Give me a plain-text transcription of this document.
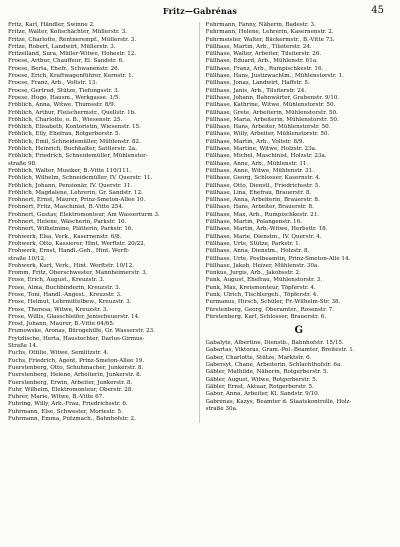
Fritz—Gabrénas	45
Fritz, Karl, Händler, Swinne 2.
Fritze, Walter, Kofischächter, Müllerstr. 3.
Fritze, Charlotte, Rentnerempf., Müllerstr. 3.
Fritze, Robert, Landwirt, Müllerstr. 3.
Fritzelland, Sura, Müller-Witwe, Hohestr. 12.
Froese, Arthur, Chauffeur, El. Sandstr. 6.
Froese, Berta, Ehefr., Schwanenstr. 26.
Froese, Erich, Kraftwagenführer, Kernstr. 1.
Froese, Franz, Arb., Voltstr. 13.
Froese, Gertrud, Stütze, Tiefungsstr. 3.
Froese, Hugo, Hausm., Werkgasse. 1/5.
Fröhlich, Anna, Witwe, Thumsstr. 8/9.
Fröhlich, Arthur, Fleischermstr., Quellstr. 1b.
Fröhlich, Charlotte, o. B., Wiesenstr. 25.
Fröhlich, Elisabeth, Kontoristin, Wiesenstr. 15.
Fröhlich, Elly, Ehefrau, Rotgerberstr. 5.
Fröhlich, Emil, Schneidemüller, Mühlenstr. 82.
Fröhlich, Heinrich, Buchhalter, Sattlerstr. 2a.
Fröhlich, Friedrich, Schneidemüller, Mühlenstor-
straße 98.
Fröhlich, Walter, Musiker, B.-Vitte 110/111.
Fröhlich, Wilhelm, Schneidemüller, IV. Querstr. 11.
Fröhlich, Johann, Pensionär, IV. Querstr. 11.
Fröhlich, Magdalene, Lehrerin, Gr. Sandstr. 12.
Frohnert, Ernst, Maurer, Prinz-Smeton-Allee 10.
Frohnert, Fritz, Maschinist, B.-Vitte 254.
Frohnert, Gustav, Elektromonteur, Am Wasserturm 3.
Frohnert, Helene, Wäscherin, Parkstr. 16.
Frohnert, Wilhelmine, Plätterin, Parkstr. 16.
Frohwerk, Elsa, Verk., Kasernenstr. 6/8.
Frohwerk, Otto, Kassierer, Hint. Werftstr. 20/22.
Frohwerk, Ernst, Handl.-Geh., Hint. Werft-
straße 10/12.
Frohwerk, Kurt, Verk., Hint. Werftstr. 10/12.
Fromm, Fritz, Oberschwester, Mannheimerstr. 3.
Frose, Erich, August., Kreuzstr. 3.
Frose, Alma, Buchbinderin, Kreuzstr. 3.
Frose, Toni, Handl.-Angest., Kreuzstr. 3.
Frose, Helmut, Lehrmittelbew., Kreuzstr. 3.
Frose, Theresa, Witwe, Kreuzstr. 3.
Frose, Willis, Glasschleifer, Jenischeuerstr. 14.
Frost, Johann, Maurer, B.-Vitte 64/65.
Frumowske, Aronas, Bürogehilfe, Gr. Wasserstr. 23.
Frytzlische, Herta, Haustochter, Darlus-Girmus-
Straße 14.
Fuchs, Ottilie, Witwe, Semlitzstr. 4.
Fuchs, Friedrich, Agent, Prinz-Smeton-Allee 19.
Fuerstenberg, Otto, Schuhmacher, Junkerstr. 8.
Fuerstenberg, Helene, Arbeiterin, Junkerstr. 8.
Fuerstenberg, Erwin, Arbeiter, Junkerstr. 8.
Fuhr, Wilhelm, Elektromonteur, Oberstr. 28.
Fuhrer, Marie, Witwe, B.-Vitte 67.
Fuhring, Willy, Arb.-Frau, Friedrichsstr. 6.
Fuhrmann, Else, Schwester, Mortestr. 5.
Fuhrmann, Emma, Putzmach., Bahnhofstr. 2.
Fuhrmann, Fanny, Näherin, Badestr. 3.
Fuhrmann, Helene, Lehrerin, Kasernenstr. 2.
Fuhrmeister, Walter, Bäckermstr., B.-Vitte 73.
Füllhase, Martin, Arb., Tilsiterstr. 24.
Füllhase, Walter, Arbeiter, Tilsiterstr. 26.
Füllhase, Eduard, Arb., Mühlenstr. 61a.
Füllhase, Franz, Arb., Rumpischkestr. 16.
Füllhase, Hans, Justizwachtm., Mühlenstorstr. 1.
Füllhase, Jonas, Landwirt, Haffstr. 5.
Füllhase, Janis, Arb., Tilsiterstr. 24.
Füllhase, Johann, Bahnwärter, Grabenstr. 9/10.
Füllhase, Kathrine, Witwe, Mühlenstorstr. 50.
Füllhase, Grete, Arbeiterin, Mühlenstorstr. 50.
Füllhase, Maria, Arbeiterin, Mühlenstorstr. 50.
Füllhase, Hans, Arbeiter, Mühlenstorstr. 50.
Füllhase, Willy, Arbeiter, Mühlenstorstr. 50.
Füllhase, Martin, Arb., Voltstr. 8/9.
Füllhase, Martine, Witwe, Holzstr. 23a.
Füllhase, Michel, Maschinist, Holzstr. 23a.
Füllhase, Anne, Arb., Mühlenstr. 11.
Füllhase, Anne, Witwe, Mühlenstr. 31.
Füllhase, Georg, Schlosser, Kasernstr. 4.
Füllhase, Otto, Dienstl., Friedrichsstr. 5.
Füllhase, Lina, Ehefrau, Brauerstr. 8.
Füllhase, Anna, Arbeiterin, Brauerstr. 8.
Füllhase, Hans, Arbeiter, Brauerstr. 8.
Füllhase, Max, Arb., Rumpischkestr. 21.
Füllhase, Martin, Polangenstr. 16.
Füllhase, Martin, Arb.-Witwe, Herbsttr. 18.
Füllhase, Marie, Dienstm., IV. Querstr. 4.
Füllhase, Urte, Stütze, Parkstr. 1.
Füllhase, Anna, Dienstm., Holzstr. 8.
Füllhase, Urte, Postbeamtin, Prinz-Smeton-Alle 14.
Füllhase, Jakob, Heizer, Mühlenstr. 30a.
Funkus, Jurgis, Arb., Jakobsstr. 2.
Funk, August, Ehefrau, Mühlenstorstr. 3.
Funk, Max, Kreismonteur, Töpferstr. 4.
Funk, Ulrich, Tischlergeh., Töpferstr. 4.
Furmanus, Hirsch, Schüler, Fr.-Wilhelm-Str. 38.
Fürstenberg, Georg, Oberamtsr., Rosenstr. 7.
Fürstenberg, Karl, Schlosser, Brauerstr. 6.
G
Gabalyté, Albertine, Dienstb., Bahnhofstr. 15/15.
Gabartas, Viktoras, Gram.-Pol.-Beamter, Breitestr. 1.
Gaber, Charlotte, Stütze, Marktstr. 6.
Gabersyt, Chané, Arbeiterin, Schlachthofstr. 6a.
Gäbler, Mathilde, Näherin, Rotgerberstr. 5.
Gäbler, August, Witwe, Rotgerberstr. 5.
Gäbler, Ernst, Aktuar, Rotgerberstr. 5.
Gabor, Anna, Arbeiter, Kl. Sandstr. 9/10.
Gabrénas, Kazys, Beamter d. Staatskontrolle, Holz-
straße 30a.
